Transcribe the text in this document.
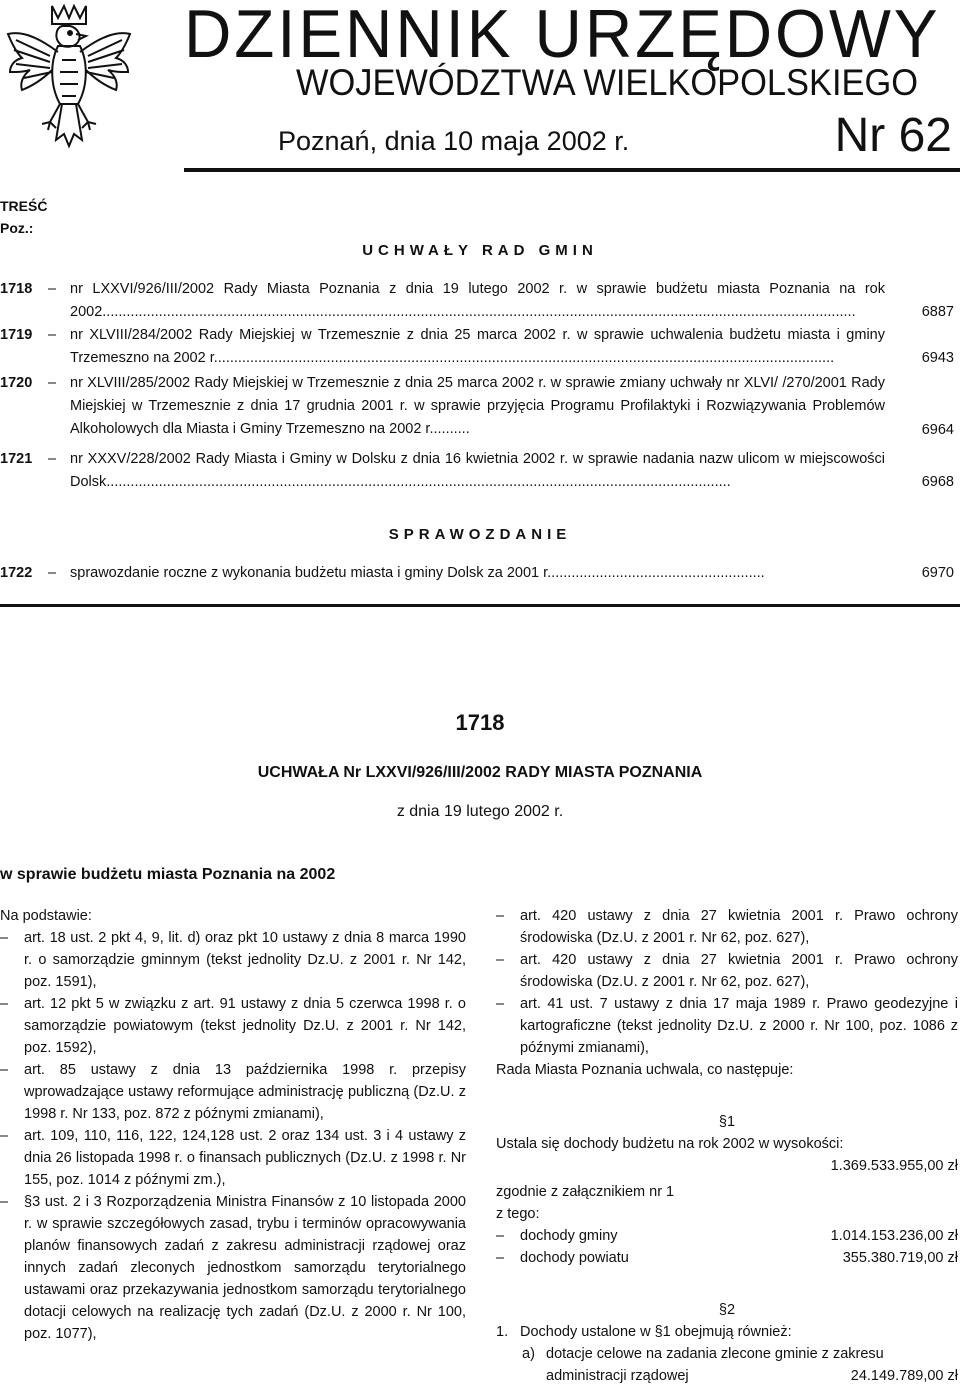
DZIENNIK URZĘDOWY
WOJEWÓDZTWA WIELKOPOLSKIEGO
Poznań, dnia 10 maja 2002 r.	Nr 62
TREŚĆ
Poz.:
UCHWAŁY RAD GMIN
1718 – nr LXXVI/926/III/2002 Rady Miasta Poznania z dnia 19 lutego 2002 r. w sprawie budżetu miasta Poznania na rok 2002...........................................................................................................................................................................................	6887
1719 – nr XLVIII/284/2002 Rady Miejskiej w Trzemesznie z dnia 25 marca 2002 r. w sprawie uchwalenia budżetu miasta i gminy Trzemeszno na 2002 r..........................................................................................................................................................	6943
1720 – nr XLVIII/285/2002 Rady Miejskiej w Trzemesznie z dnia 25 marca 2002 r. w sprawie zmiany uchwały nr XLVI/ /270/2001 Rady Miejskiej w Trzemesznie z dnia 17 grudnia 2001 r. w sprawie przyjęcia Programu Profilaktyki i Rozwiązywania Problemów Alkoholowych dla Miasta i Gminy Trzemeszno na 2002 r..........	6964
1721 – nr XXXV/228/2002 Rady Miasta i Gminy w Dolsku z dnia 16 kwietnia 2002 r. w sprawie nadania nazw ulicom w miejscowości Dolsk...........................................................................................................................................................	6968
SPRAWOZDANIE
1722 – sprawozdanie roczne z wykonania budżetu miasta i gminy Dolsk za 2001 r......................................................	6970
1718
UCHWAŁA Nr LXXVI/926/III/2002 RADY MIASTA POZNANIA
z dnia 19 lutego 2002 r.
w sprawie budżetu miasta Poznania na 2002

Na podstawie:

– art. 18 ust. 2 pkt 4, 9, lit. d) oraz pkt 10 ustawy z dnia 8 marca 1990 r. o samorządzie gminnym (tekst jednolity Dz.U. z 2001 r. Nr 142, poz. 1591),
– art. 12 pkt 5 w związku z art. 91 ustawy z dnia 5 czerwca 1998 r. o samorządzie powiatowym (tekst jednolity Dz.U. z 2001 r. Nr 142, poz. 1592),
– art. 85 ustawy z dnia 13 października 1998 r. przepisy wprowadzające ustawy reformujące administrację publiczną (Dz.U. z 1998 r. Nr 133, poz. 872 z późnymi zmianami),
– art. 109, 110, 116, 122, 124,128 ust. 2 oraz 134 ust. 3 i 4 ustawy z dnia 26 listopada 1998 r. o finansach publicznych (Dz.U. z 1998 r. Nr 155, poz. 1014 z późnymi zm.),
– §3 ust. 2 i 3 Rozporządzenia Ministra Finansów z 10 listopada 2000 r. w sprawie szczegółowych zasad, trybu i terminów opracowywania planów finansowych zadań z zakresu administracji rządowej oraz innych zadań zleconych jednostkom samorządu terytorialnego ustawami oraz przekazywania jednostkom samorządu terytorialnego dotacji celowych na realizację tych zadań (Dz.U. z 2000 r. Nr 100, poz. 1077),
– art. 420 ustawy z dnia 27 kwietnia 2001 r. Prawo ochrony środowiska (Dz.U. z 2001 r. Nr 62, poz. 627),
– art. 420 ustawy z dnia 27 kwietnia 2001 r. Prawo ochrony środowiska (Dz.U. z 2001 r. Nr 62, poz. 627),
– art. 41 ust. 7 ustawy z dnia 17 maja 1989 r. Prawo geodezyjne i kartograficzne (tekst jednolity Dz.U. z 2000 r. Nr 100, poz. 1086 z późnymi zmianami),

Rada Miasta Poznania uchwala, co następuje:

§1

Ustala się dochody budżetu na rok 2002 w wysokości:

1.369.533.955,00 zł

zgodnie z załącznikiem nr 1

z tego:

– dochody gminy	1.014.153.236,00 zł
– dochody powiatu	355.380.719,00 zł

§2

1. Dochody ustalone w §1 obejmują również:
a) dotacje celowe na zadania zlecone gminie z zakresu administracji rządowej	24.149.789,00 zł
